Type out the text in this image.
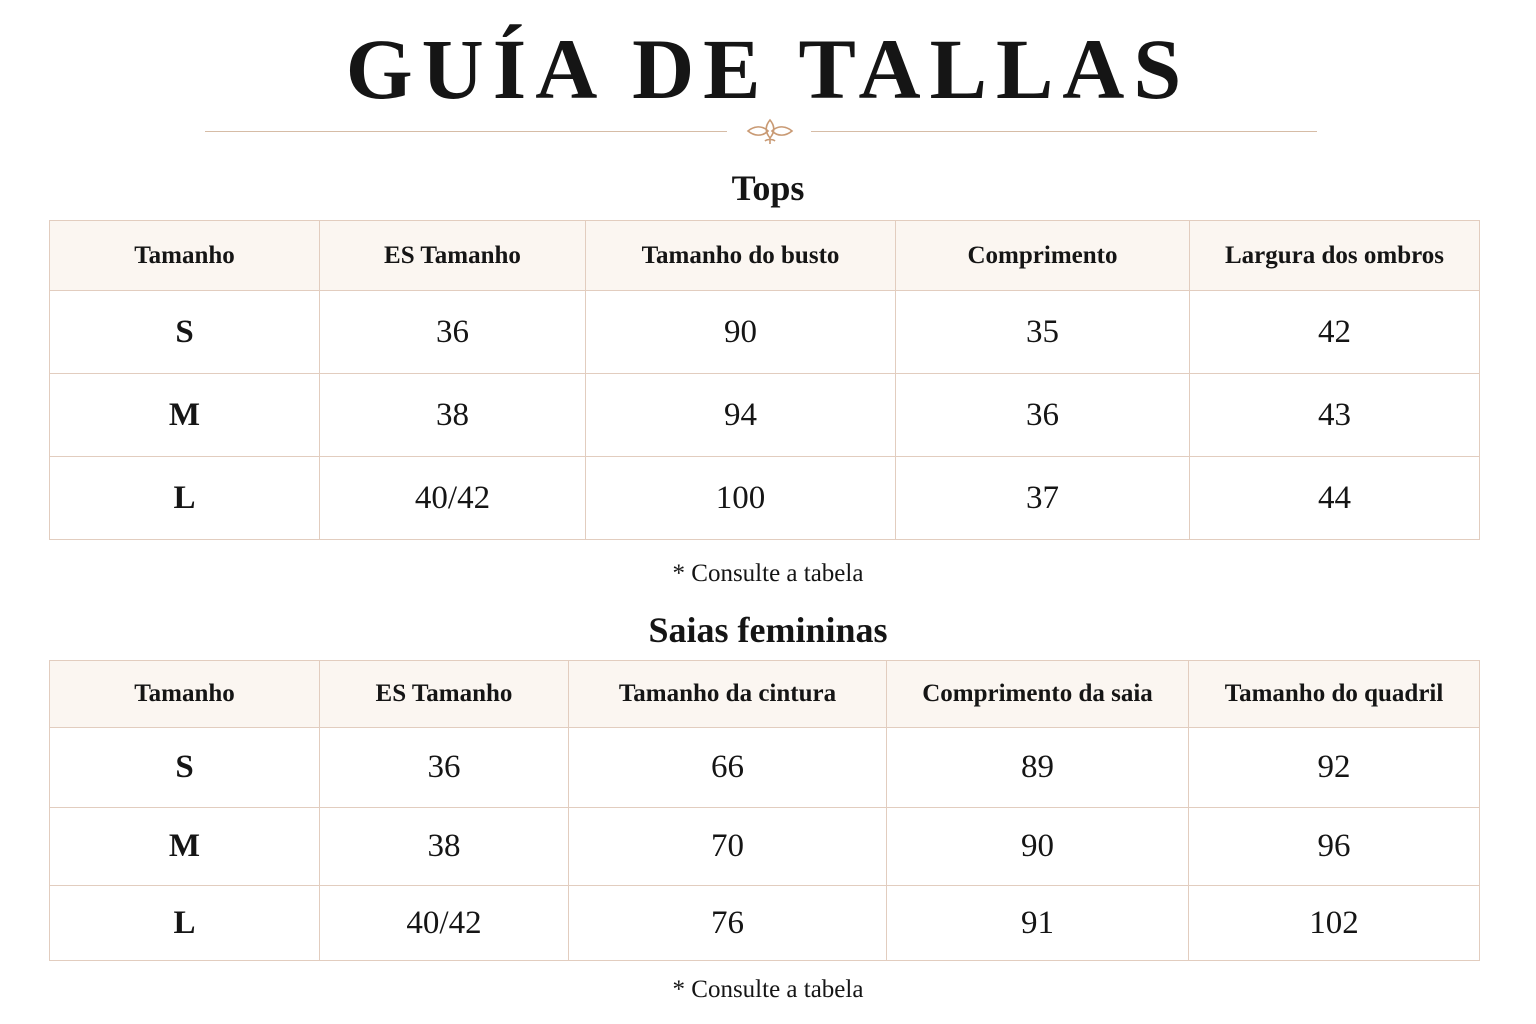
GUÍA DE TALLAS
Tops
Tamanho	ES Tamanho	Tamanho do busto	Comprimento	Largura dos ombros
S	36	90	35	42
M	38	94	36	43
L	40/42	100	37	44

* Consulte a tabela

Saias femininas
Tamanho	ES Tamanho	Tamanho da cintura	Comprimento da saia	Tamanho do quadril
S	36	66	89	92
M	38	70	90	96
L	40/42	76	91	102

* Consulte a tabela
